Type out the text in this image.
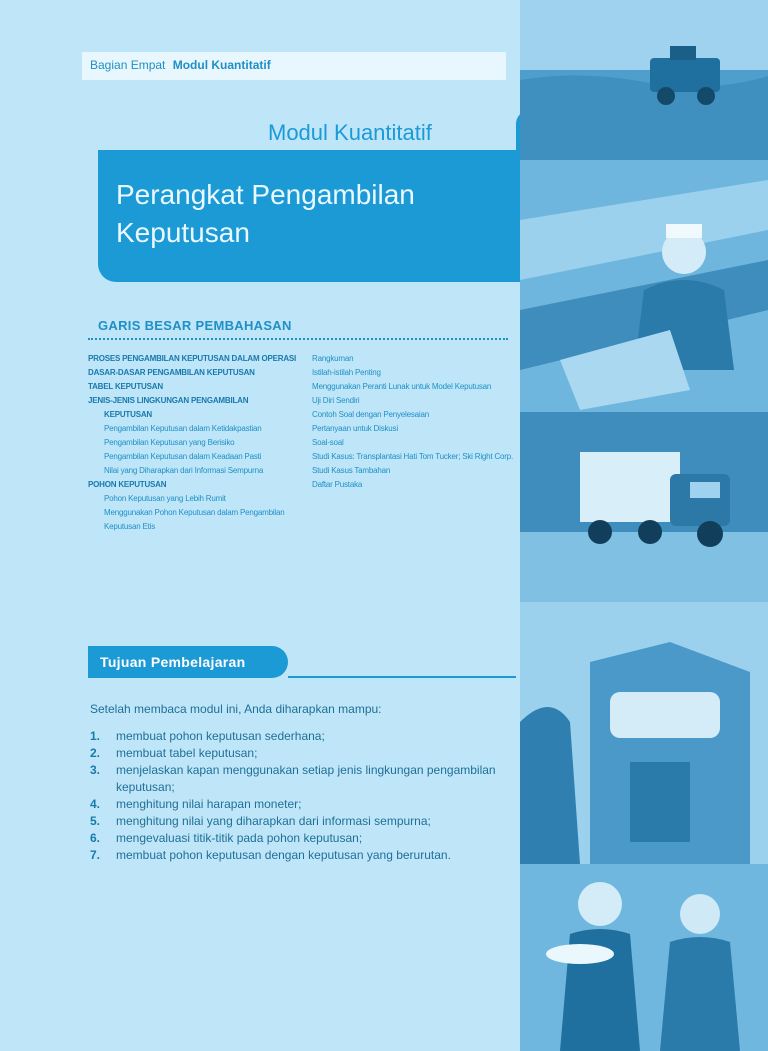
Bagian Empat Modul Kuantitatif
Modul Kuantitatif
Perangkat Pengambilan
Keputusan
GARIS BESAR PEMBAHASAN
PROSES PENGAMBILAN KEPUTUSAN DALAM OPERASI
DASAR-DASAR PENGAMBILAN KEPUTUSAN
TABEL KEPUTUSAN
JENIS-JENIS LINGKUNGAN PENGAMBILAN
KEPUTUSAN
Pengambilan Keputusan dalam Ketidakpastian
Pengambilan Keputusan yang Berisiko
Pengambilan Keputusan dalam Keadaan Pasti
Nilai yang Diharapkan dari Informasi Sempurna
POHON KEPUTUSAN
Pohon Keputusan yang Lebih Rumit
Menggunakan Pohon Keputusan dalam Pengambilan
Keputusan Etis
Rangkuman
Istilah-istilah Penting
Menggunakan Peranti Lunak untuk Model Keputusan
Uji Diri Sendiri
Contoh Soal dengan Penyelesaian
Pertanyaan untuk Diskusi
Soal-soal
Studi Kasus: Transplantasi Hati Tom Tucker; Ski Right Corp.
Studi Kasus Tambahan
Daftar Pustaka
Tujuan Pembelajaran
Setelah membaca modul ini, Anda diharapkan mampu:
1.	membuat pohon keputusan sederhana;
2.	membuat tabel keputusan;
3.	menjelaskan kapan menggunakan setiap jenis lingkungan pengambilan keputusan;
4.	menghitung nilai harapan moneter;
5.	menghitung nilai yang diharapkan dari informasi sempurna;
6.	mengevaluasi titik-titik pada pohon keputusan;
7.	membuat pohon keputusan dengan keputusan yang berurutan.
